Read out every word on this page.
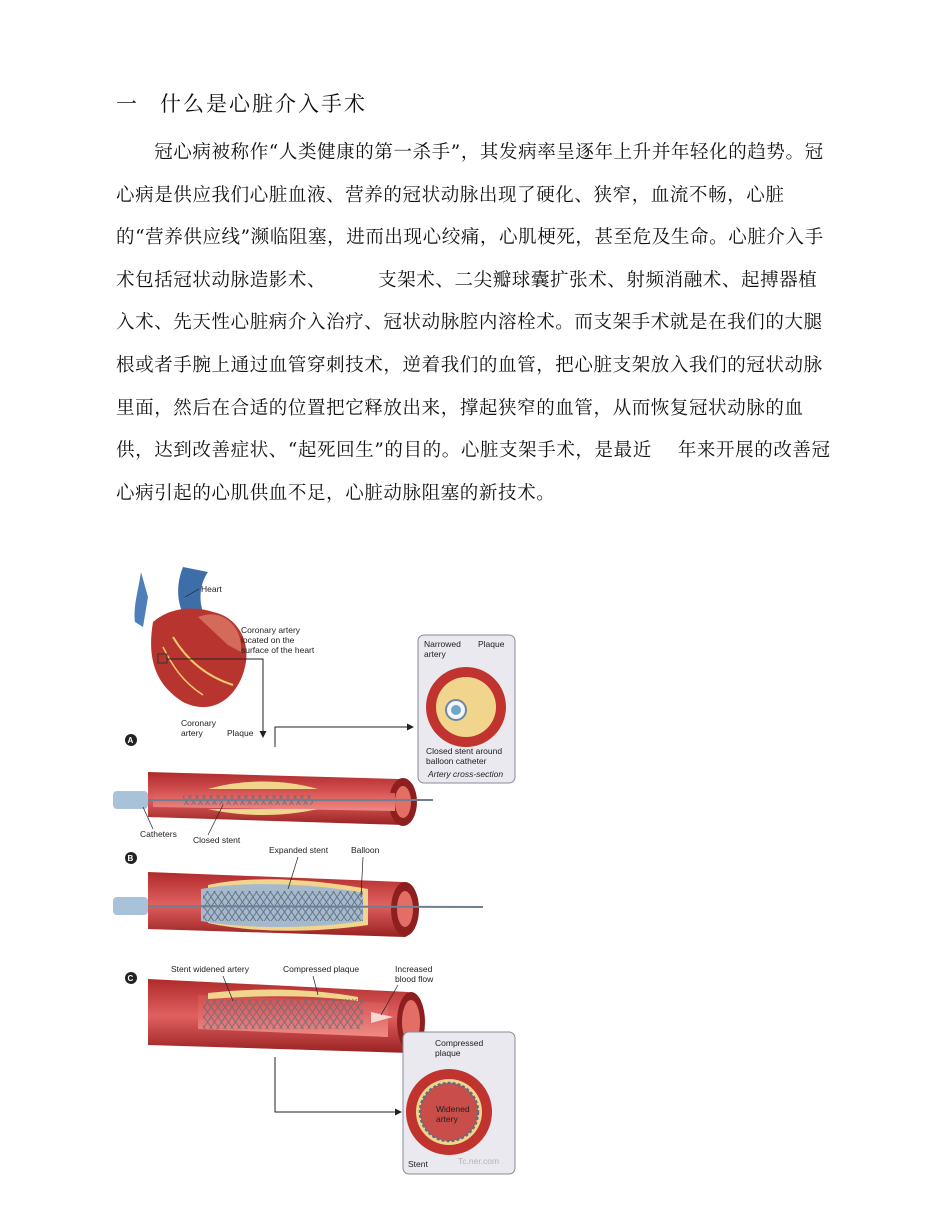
一 什么是心脏介入手术

　　冠心病被称作“人类健康的第一杀手”，其发病率呈逐年上升并年轻化的趋势。冠心病是供应我们心脏血液、营养的冠状动脉出现了硬化、狭窄，血流不畅，心脏的“营养供应线”濒临阻塞，进而出现心绞痛，心肌梗死，甚至危及生命。心脏介入手术包括冠状动脉造影术、	支架术、二尖瓣球囊扩张术、射频消融术、起搏器植入术、先天性心脏病介入治疗、冠状动脉腔内溶栓术。而支架手术就是在我们的大腿根或者手腕上通过血管穿刺技术，逆着我们的血管，把心脏支架放入我们的冠状动脉里面，然后在合适的位置把它释放出来，撑起狭窄的血管，从而恢复冠状动脉的血供，达到改善症状、“起死回生”的目的。心脏支架手术，是最近 年来开展的改善冠心病引起的心肌供血不足，心脏动脉阻塞的新技术。

Heart
Coronary artery
located on the
surface of the heart
Narrowed
artery
Plaque
Closed stent around
balloon catheter
Artery cross-section
A
Coronary
artery	Plaque
Catheters
Closed stent
B
Expanded stent	Balloon
C
Stent widened artery	Compressed plaque	Increased
blood flow
Compressed
plaque
Widened
artery
Stent	Tc.ner.com
